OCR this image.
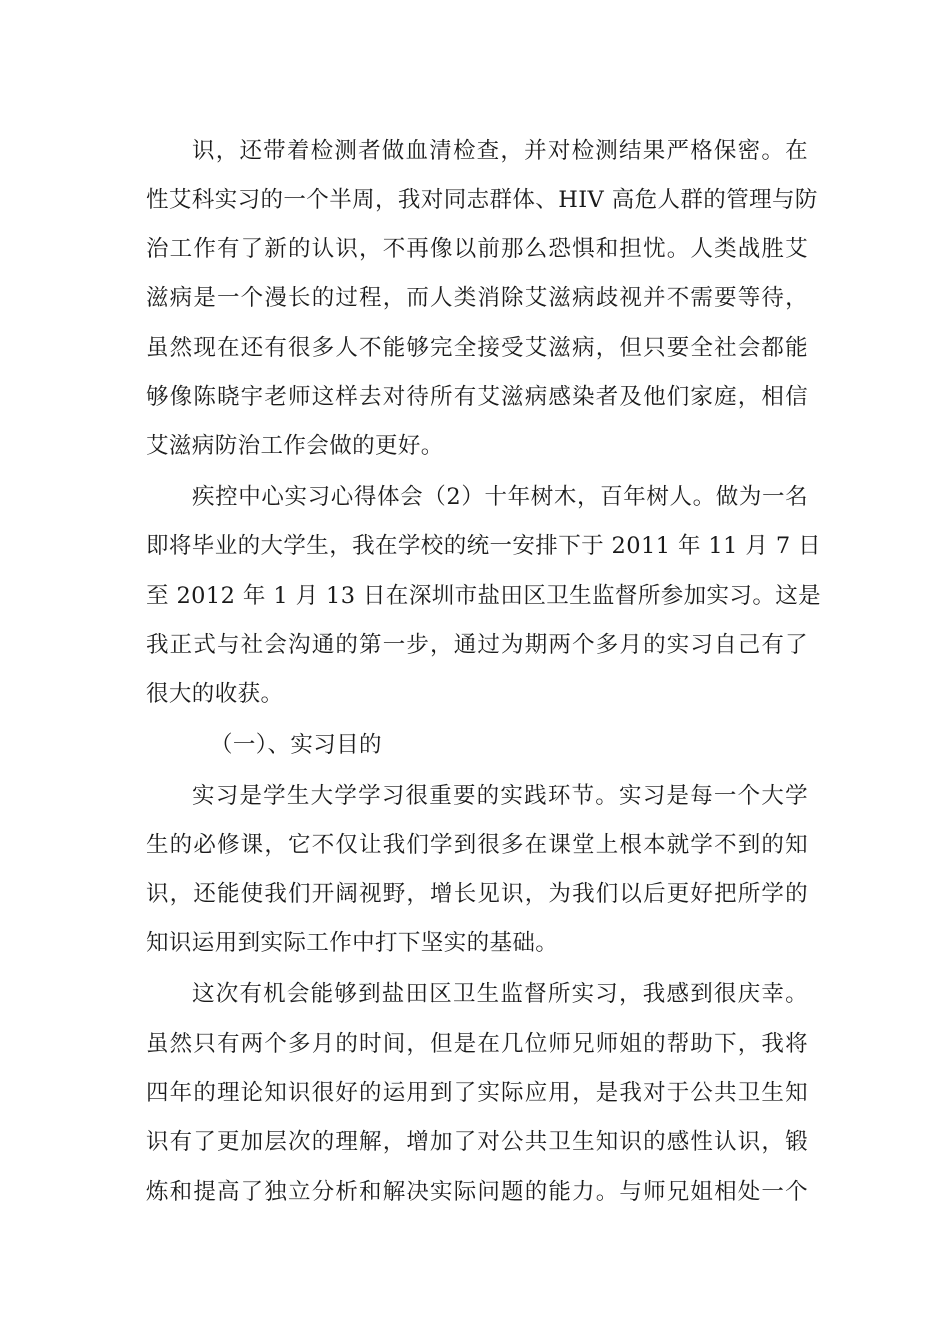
识，还带着检测者做血清检查，并对检测结果严格保密。在
性艾科实习的一个半周，我对同志群体、HIV 高危人群的管理与防
治工作有了新的认识，不再像以前那么恐惧和担忧。人类战胜艾
滋病是一个漫长的过程，而人类消除艾滋病歧视并不需要等待，
虽然现在还有很多人不能够完全接受艾滋病，但只要全社会都能
够像陈晓宇老师这样去对待所有艾滋病感染者及他们家庭，相信
艾滋病防治工作会做的更好。
疾控中心实习心得体会（2）十年树木，百年树人。做为一名
即将毕业的大学生，我在学校的统一安排下于 2011 年 11 月 7 日
至 2012 年 1 月 13 日在深圳市盐田区卫生监督所参加实习。这是
我正式与社会沟通的第一步，通过为期两个多月的实习自己有了
很大的收获。
（一）、实习目的
实习是学生大学学习很重要的实践环节。实习是每一个大学
生的必修课，它不仅让我们学到很多在课堂上根本就学不到的知
识，还能使我们开阔视野，增长见识，为我们以后更好把所学的
知识运用到实际工作中打下坚实的基础。
这次有机会能够到盐田区卫生监督所实习，我感到很庆幸。
虽然只有两个多月的时间，但是在几位师兄师姐的帮助下，我将
四年的理论知识很好的运用到了实际应用，是我对于公共卫生知
识有了更加层次的理解，增加了对公共卫生知识的感性认识，锻
炼和提高了独立分析和解决实际问题的能力。与师兄姐相处一个
